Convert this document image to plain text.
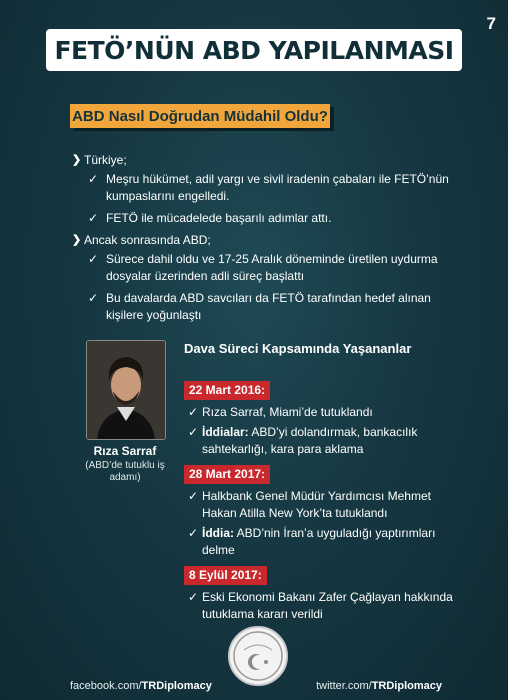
7
FETÖ’NÜN ABD YAPILANMASI
ABD Nasıl Doğrudan Müdahil Oldu?
❯ Türkiye;
✓ Meşru hükümet, adil yargı ve sivil iradenin çabaları ile FETÖ’nün kumpaslarını engelledi.
✓ FETÖ ile mücadelede başarılı adımlar attı.
❯ Ancak sonrasında ABD;
✓ Sürece dahil oldu ve 17-25 Aralık döneminde üretilen uydurma dosyalar üzerinden adli süreç başlattı
✓ Bu davalarda ABD savcıları da FETÖ tarafından hedef alınan kişilere yoğunlaştı
Rıza Sarraf
(ABD’de tutuklu iş adamı)
Dava Süreci Kapsamında Yaşananlar
22 Mart 2016:
✓ Rıza Sarraf, Miami’de tutuklandı
✓ İddialar: ABD’yi dolandırmak, bankacılık sahtekarlığı, kara para aklama
28 Mart 2017:
✓ Halkbank Genel Müdür Yardımcısı Mehmet Hakan Atilla New York’ta tutuklandı
✓ İddia: ABD’nin İran’a uyguladığı yaptırımları delme
8 Eylül 2017:
✓ Eski Ekonomi Bakanı Zafer Çağlayan hakkında tutuklama kararı verildi
facebook.com/TRDiplomacy	twitter.com/TRDiplomacy
